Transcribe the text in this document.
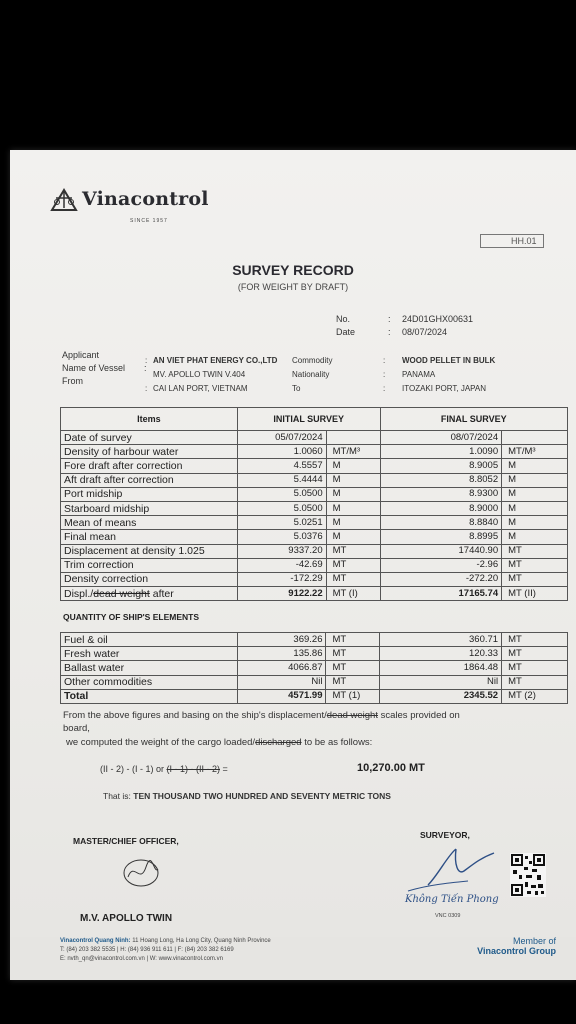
Vinacontrol
SINCE 1957
HH.01
SURVEY RECORD
(FOR WEIGHT BY DRAFT)
No.	: 24D01GHX00631
Date	: 08/07/2024
Applicant
: AN VIET PHAT ENERGY CO.,LTD
Name of Vessel :
MV. APOLLO TWIN V.404
From
: CAI LAN PORT, VIETNAM
Commodity	: WOOD PELLET IN BULK
Nationality	: PANAMA
To	: ITOZAKI PORT, JAPAN
Items	INITIAL SURVEY		FINAL SURVEY	
Date of survey	05/07/2024		08/07/2024	
Density of harbour water	1.0060	MT/M³	1.0090	MT/M³
Fore draft after correction	4.5557	M	8.9005	M
Aft draft after correction	5.4444	M	8.8052	M
Port midship	5.0500	M	8.9300	M
Starboard midship	5.0500	M	8.9000	M
Mean of means	5.0251	M	8.8840	M
Final mean	5.0376	M	8.8995	M
Displacement at density 1.025	9337.20	MT	17440.90	MT
Trim correction	-42.69	MT	-2.96	MT
Density correction	-172.29	MT	-272.20	MT
Displ./dead weight after	9122.22	MT (I)	17165.74	MT (II)
QUANTITY OF SHIP'S ELEMENTS
Fuel & oil	369.26	MT	360.71	MT
Fresh water	135.86	MT	120.33	MT
Ballast water	4066.87	MT	1864.48	MT
Other commodities	Nil	MT	Nil	MT
Total	4571.99	MT (1)	2345.52	MT (2)
From the above figures and basing on the ship's displacement/dead weight scales provided on
board,
we computed the weight of the cargo loaded/discharged to be as follows:
(II - 2) - (I - 1) or (I - 1) - (II - 2) =	10,270.00 MT
That is: TEN THOUSAND TWO HUNDRED AND SEVENTY METRIC TONS
MASTER/CHIEF OFFICER,
M.V. APOLLO TWIN
SURVEYOR,
Không Tiến Phong
VNC 0309
Vinacontrol Quang Ninh: 11 Hoang Long, Ha Long City, Quang Ninh Province
T: (84) 203 382 5535 | H: (84) 936 911 611 | F: (84) 203 382 6169
E: nvth_qn@vinacontrol.com.vn | W: www.vinacontrol.com.vn
Member of
Vinacontrol Group
